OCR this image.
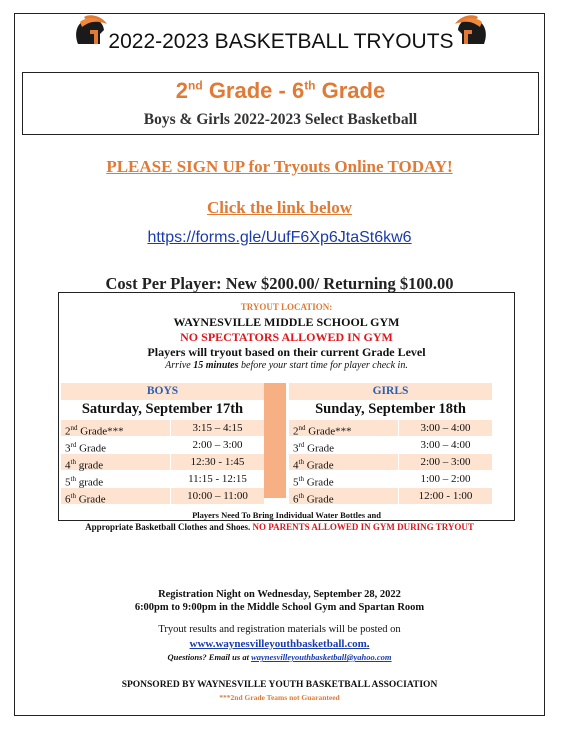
2022-2023 BASKETBALL TRYOUTS
2nd Grade - 6th Grade
Boys & Girls 2022-2023 Select Basketball
PLEASE SIGN UP for Tryouts Online TODAY!
Click the link below
https://forms.gle/UufF6Xp6JtaSt6kw6
Cost Per Player: New $200.00/ Returning $100.00
TRYOUT LOCATION:
WAYNESVILLE MIDDLE SCHOOL GYM
NO SPECTATORS ALLOWED IN GYM
Players will tryout based on their current Grade Level
Arrive 15 minutes before your start time for player check in.
BOYS
Saturday, September 17th
2nd Grade***	3:15 – 4:15
3rd Grade	2:00 – 3:00
4th grade	12:30 - 1:45
5th grade	11:15 - 12:15
6th Grade	10:00 – 11:00
GIRLS
Sunday, September 18th
2nd Grade***	3:00 – 4:00
3rd Grade	3:00 – 4:00
4th Grade	2:00 – 3:00
5th Grade	1:00 – 2:00
6th Grade	12:00 - 1:00
Players Need To Bring Individual Water Bottles and
Appropriate Basketball Clothes and Shoes. NO PARENTS ALLOWED IN GYM DURING TRYOUT
Registration Night on Wednesday, September 28, 2022
6:00pm to 9:00pm in the Middle School Gym and Spartan Room
Tryout results and registration materials will be posted on
www.waynesvilleyouthbasketball.com.
Questions? Email us at waynesvilleyouthbasketball@yahoo.com
SPONSORED BY WAYNESVILLE YOUTH BASKETBALL ASSOCIATION
***2nd Grade Teams not Guaranteed
